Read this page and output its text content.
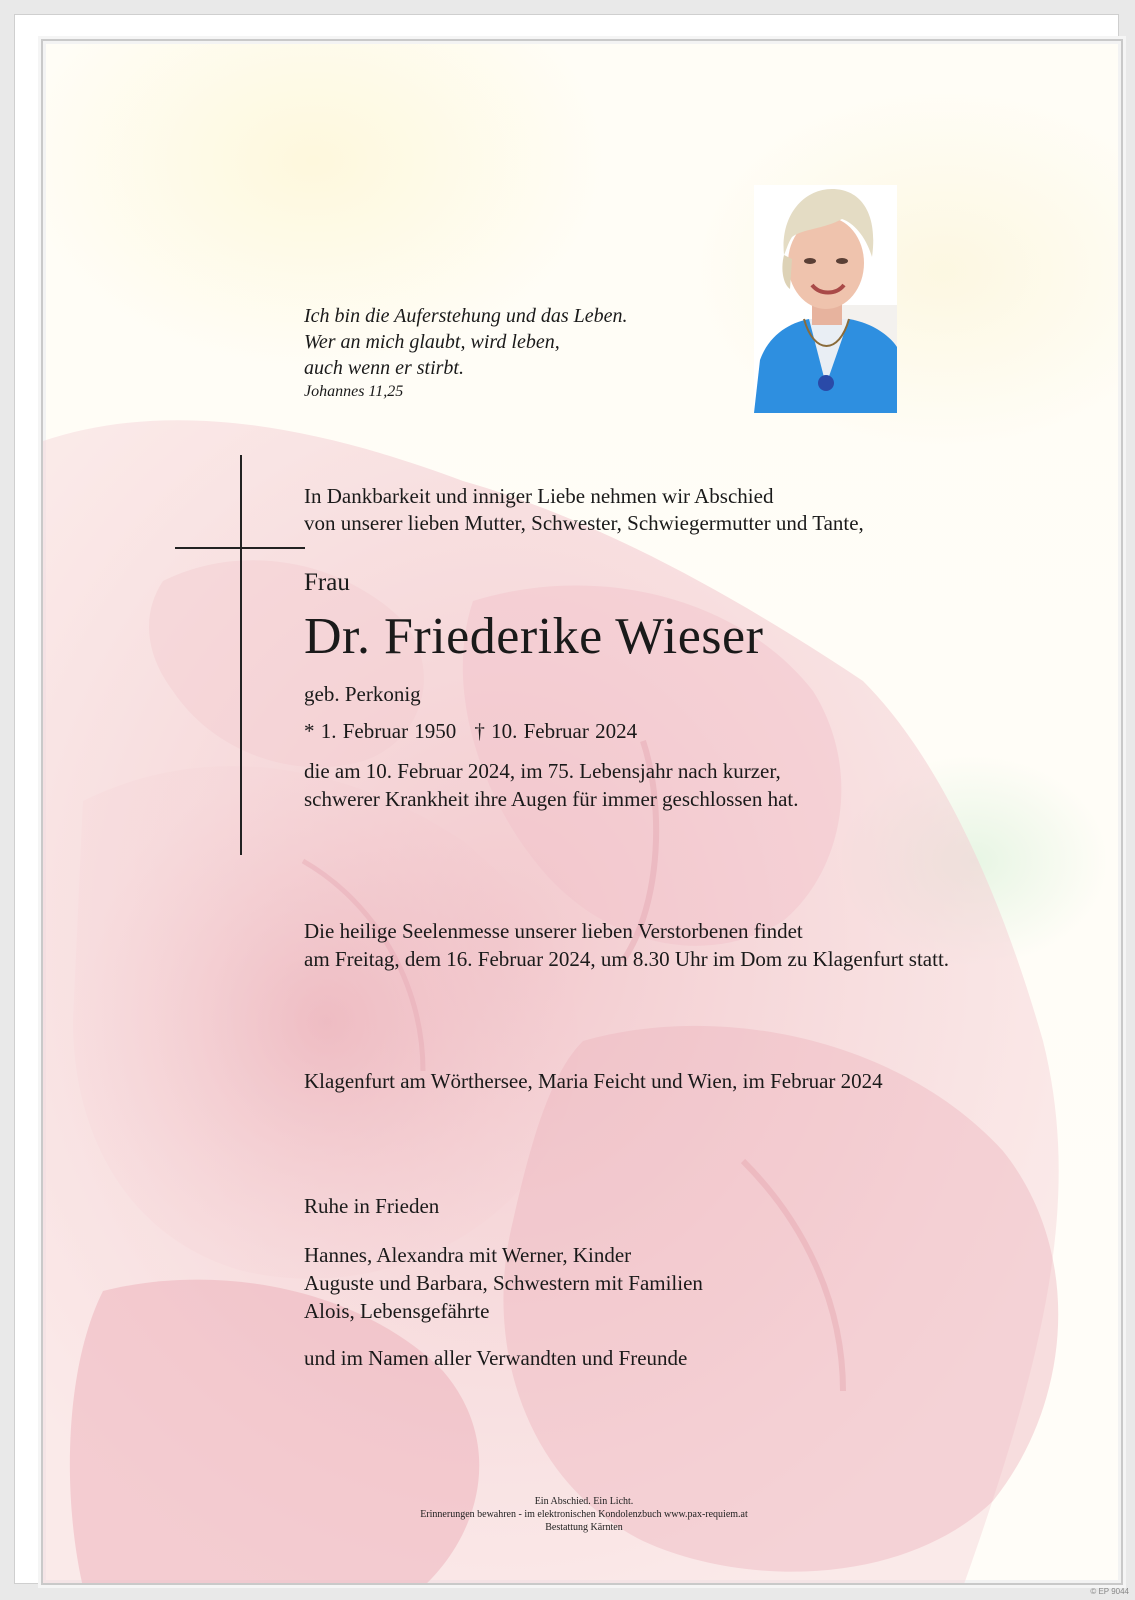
Ich bin die Auferstehung und das Leben.
Wer an mich glaubt, wird leben,
auch wenn er stirbt.
Johannes 11,25
In Dankbarkeit und inniger Liebe nehmen wir Abschied
von unserer lieben Mutter, Schwester, Schwiegermutter und Tante,
Frau
Dr. Friederike Wieser
geb. Perkonig
* 1. Februar 1950 † 10. Februar 2024
die am 10. Februar 2024, im 75. Lebensjahr nach kurzer,
schwerer Krankheit ihre Augen für immer geschlossen hat.
Die heilige Seelenmesse unserer lieben Verstorbenen findet
am Freitag, dem 16. Februar 2024, um 8.30 Uhr im Dom zu Klagenfurt statt.
Klagenfurt am Wörthersee, Maria Feicht und Wien, im Februar 2024
Ruhe in Frieden
Hannes, Alexandra mit Werner, Kinder
Auguste und Barbara, Schwestern mit Familien
Alois, Lebensgefährte
und im Namen aller Verwandten und Freunde
Ein Abschied. Ein Licht.
Erinnerungen bewahren - im elektronischen Kondolenzbuch www.pax-requiem.at
Bestattung Kärnten
© EP 9044
